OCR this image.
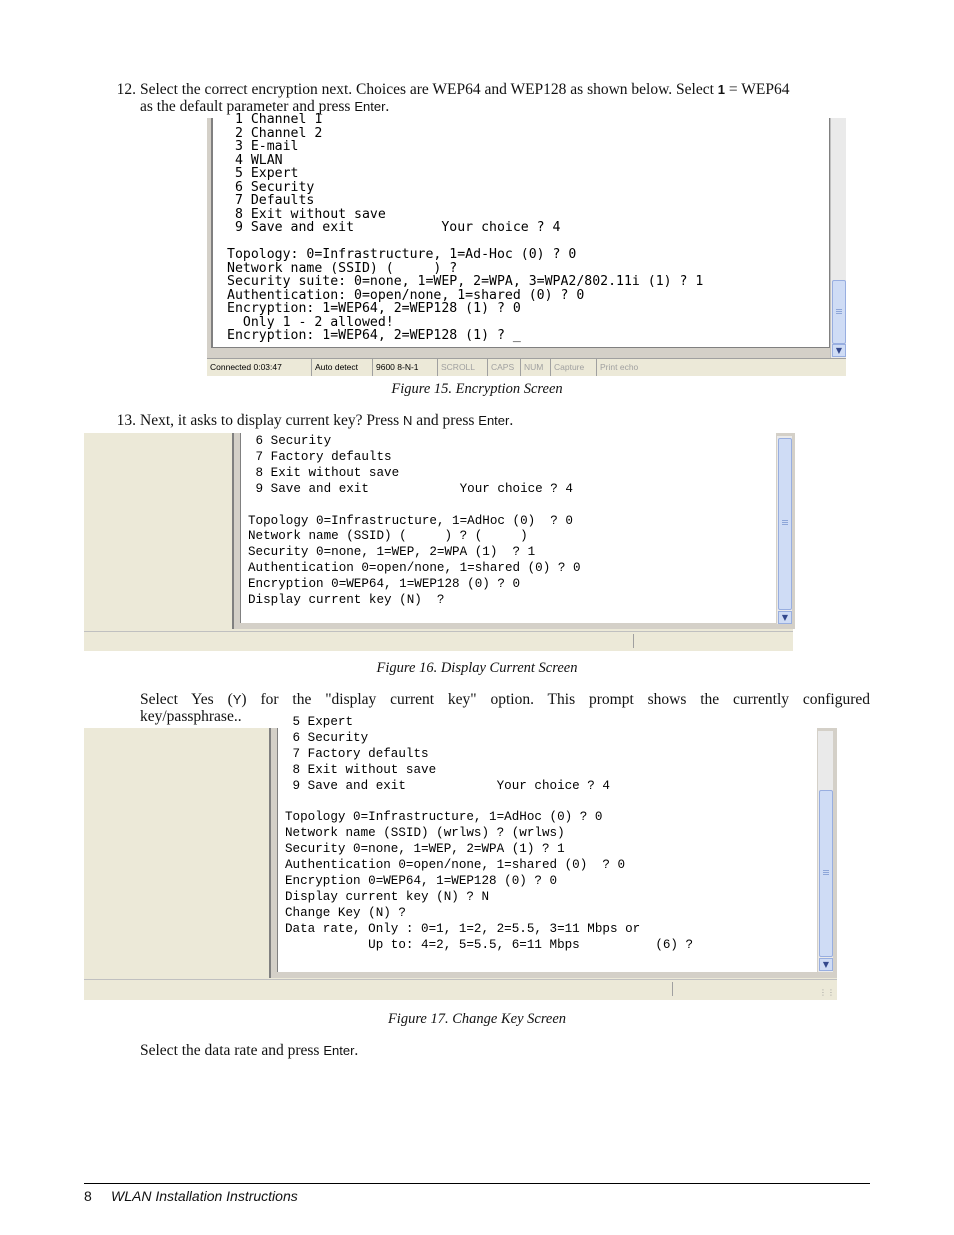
12. Select the correct encryption next. Choices are WEP64 and WEP128 as shown below. Select 1 = WEP64
as the default parameter and press Enter.
1 Channel 1
2 Channel 2
3 E-mail
4 WLAN
5 Expert
6 Security
7 Defaults
8 Exit without save
9 Save and exit           Your choice ? 4

Topology: 0=Infrastructure, 1=Ad-Hoc (0) ? 0
Network name (SSID) (     ) ?
Security suite: 0=none, 1=WEP, 2=WPA, 3=WPA2/802.11i (1) ? 1
Authentication: 0=open/none, 1=shared (0) ? 0
Encryption: 1=WEP64, 2=WEP128 (1) ? 0
Only 1 - 2 allowed!
Encryption: 1=WEP64, 2=WEP128 (1) ? _
▼
Connected 0:03:47	Auto detect	9600 8-N-1	SCROLL	CAPS	NUM	Capture	Print echo
Figure 15. Encryption Screen
13. Next, it asks to display current key? Press N and press Enter.
6 Security
7 Factory defaults
8 Exit without save
9 Save and exit            Your choice ? 4

Topology 0=Infrastructure, 1=AdHoc (0)  ? 0
Network name (SSID) (     ) ? (     )
Security 0=none, 1=WEP, 2=WPA (1)  ? 1
Authentication 0=open/none, 1=shared (0) ? 0
Encryption 0=WEP64, 1=WEP128 (0) ? 0
Display current key (N)  ?
▼
Figure 16. Display Current Screen
Select Yes (Y) for the "display current key" option. This prompt shows the currently configured
key/passphrase..	5 Expert
6 Security
7 Factory defaults
8 Exit without save
9 Save and exit            Your choice ? 4

Topology 0=Infrastructure, 1=AdHoc (0) ? 0
Network name (SSID) (wrlws) ? (wrlws)
Security 0=none, 1=WEP, 2=WPA (1) ? 1
Authentication 0=open/none, 1=shared (0)  ? 0
Encryption 0=WEP64, 1=WEP128 (0) ? 0
Display current key (N) ? N
Change Key (N) ?
Data rate, Only : 0=1, 1=2, 2=5.5, 3=11 Mbps or
Up to: 4=2, 5=5.5, 6=11 Mbps          (6) ?
▼
⋮⋮
Figure 17. Change Key Screen
Select the data rate and press Enter.
8 WLAN Installation Instructions
